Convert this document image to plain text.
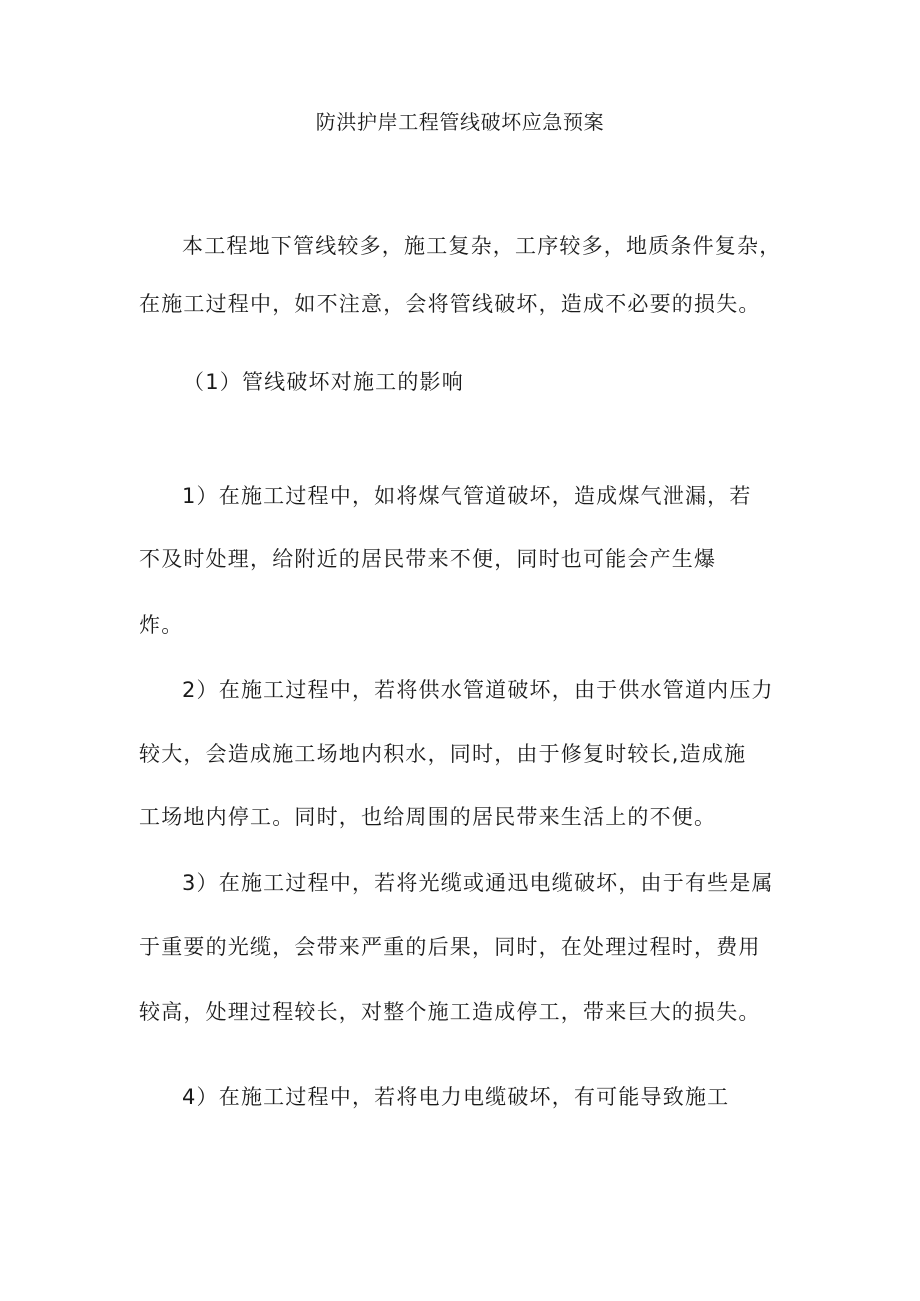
防洪护岸工程管线破坏应急预案
本工程地下管线较多，施工复杂，工序较多，地质条件复杂，
在施工过程中，如不注意，会将管线破坏，造成不必要的损失。
（1）管线破坏对施工的影响
1）在施工过程中，如将煤气管道破坏，造成煤气泄漏，若
不及时处理，给附近的居民带来不便，同时也可能会产生爆
炸。
2）在施工过程中，若将供水管道破坏，由于供水管道内压力
较大，会造成施工场地内积水，同时，由于修复时较长,造成施
工场地内停工。同时，也给周围的居民带来生活上的不便。
3）在施工过程中，若将光缆或通迅电缆破坏，由于有些是属
于重要的光缆，会带来严重的后果，同时，在处理过程时，费用
较高，处理过程较长，对整个施工造成停工，带来巨大的损失。
4）在施工过程中，若将电力电缆破坏，有可能导致施工
